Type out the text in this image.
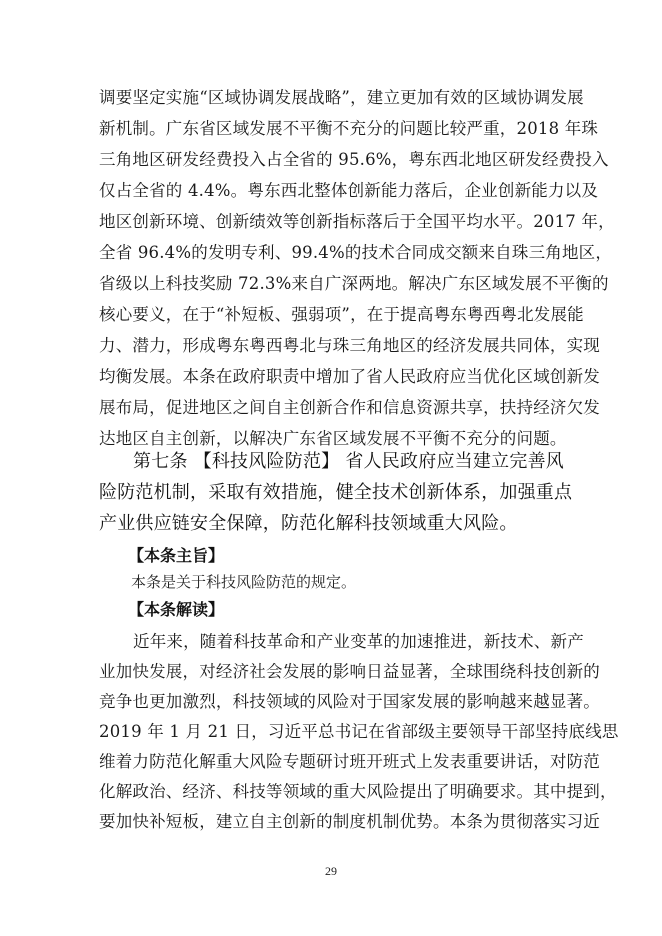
调要坚定实施“区域协调发展战略”，建立更加有效的区域协调发展
新机制。广东省区域发展不平衡不充分的问题比较严重，2018 年珠
三角地区研发经费投入占全省的 95.6%，粤东西北地区研发经费投入
仅占全省的 4.4%。粤东西北整体创新能力落后，企业创新能力以及
地区创新环境、创新绩效等创新指标落后于全国平均水平。2017 年，
全省 96.4%的发明专利、99.4%的技术合同成交额来自珠三角地区，
省级以上科技奖励 72.3%来自广深两地。解决广东区域发展不平衡的
核心要义，在于“补短板、强弱项”，在于提高粤东粤西粤北发展能
力、潜力，形成粤东粤西粤北与珠三角地区的经济发展共同体，实现
均衡发展。本条在政府职责中增加了省人民政府应当优化区域创新发
展布局，促进地区之间自主创新合作和信息资源共享，扶持经济欠发
达地区自主创新，以解决广东省区域发展不平衡不充分的问题。
第七条 【科技风险防范】 省人民政府应当建立完善风
险防范机制，采取有效措施，健全技术创新体系，加强重点
产业供应链安全保障，防范化解科技领域重大风险。
【本条主旨】
本条是关于科技风险防范的规定。
【本条解读】
近年来，随着科技革命和产业变革的加速推进，新技术、新产
业加快发展，对经济社会发展的影响日益显著，全球围绕科技创新的
竞争也更加激烈，科技领域的风险对于国家发展的影响越来越显著。
2019 年 1 月 21 日，习近平总书记在省部级主要领导干部坚持底线思
维着力防范化解重大风险专题研讨班开班式上发表重要讲话，对防范
化解政治、经济、科技等领域的重大风险提出了明确要求。其中提到，
要加快补短板，建立自主创新的制度机制优势。本条为贯彻落实习近
29
